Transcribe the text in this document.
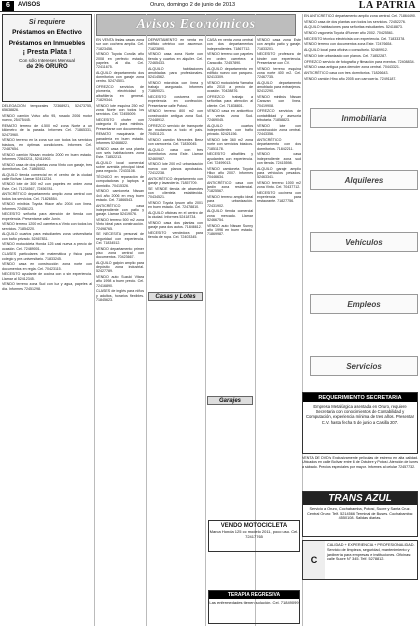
6	AVISOS	Oruro, domingo 2 de junio de 2013	LA PATRIA
Si requiere
Préstamos en Efectivo
Préstamos en Inmuebles
¡ Presta Plata !
Con sólo Intereses Mensual
de 2% ORURO
Avisos Económicos

DELEGACIÓN temporales 72368921, 52473755, 65638826.

VENDO camión Volvo año 95, rosado 2006 motor nuevo, 25475445.

REMATO terreno de 4.500 m2 zona Norte a un kilómetro de la parada. Informes Cel. 71865331, 52473960.

VENDO terreno en la zona sur con todos los servicios básicos, en óptimas condiciones. Informes Cel. 72487654.

VENDO camión Nissan modelo 2000 en buen estado. Informes 72843211, 52411902.

VENDO casa de dos plantas zona Vinto con garaje, tres dormitorios. Cel. 71865002.

ALQUILO tienda comercial en el centro de la ciudad calle Bolívar. Llamar 52411234.

VENDO lote de 300 m2 con papeles en orden zona Este. Cel. 71234567, 72456781.

ANTICRÉTICO departamento amplio zona central con todos los servicios. Cel. 71826554.

VENDO minibús Toyota Hiace año 2004 con línea. Informes 72456123.

NECESITO señorita para atención de tienda con experiencia. Presentarse calle Junín.

VENDO terreno 1200 m2 carretera a Vinto con todos los servicios. 71854220.

ALQUILO cuartos para estudiantes zona universitaria con baño privado. 52467831.

VENDO motocicleta Honda 125 casi nueva a precio de ocasión. Cel. 72489001.

CLASES particulares de matemática y física para colegio y pre-universitario. 71833245.

VENDO casa en construcción zona norte con documentos en regla. Cel. 70423115.

NECESITO ayudante de cocina con o sin experiencia. Llamar al 52412345.

VENDO terreno zona Sud con luz y agua, papeles al día. Informes 72451298.

EN VENTA lindas casas zona sur con cochera amplia. Cel. 71823456.

VENDO Toyota Corolla año 2008 en perfecto estado, papeles al día. Cel. 72411675.

ALQUILO departamento dos dormitorios con garaje zona centro. 52474501.

OFREZCO servicios de plomería, electricidad y albañilería en general. 71829344.

VENDO lote esquina 250 m2 zona Norte con todos los servicios. Cel. 72455009.

NECESITO chofer con categoría B para minibús. Presentarse con documentos.

REMATO maquinaria de panadería en buen estado. Informes 52468822.

VENDO casa de una planta con seis habitaciones zona Este. 71852213.

ALQUILO local comercial sobre avenida principal ideal para negocio. 72433108.

TÉCNICO en reparación de computadoras y laptops a domicilio. 70415326.

VENDO camioneta Nissan 4x4 año 2006 en muy buen estado. Cel. 71866543.

ANTICRÉTICO casa independiente con patio y garaje. Llamar 52419076.

VENDO terreno 500 m2 zona Vinto ideal para construcción. 72498765.

SE NECESITA personal de seguridad con experiencia. Cel. 71834512.

VENDO departamento primer piso zona central con documentos. 70423667.

ALQUILO galpón amplio para depósito zona industrial. 52427789.

VENDO auto Suzuki Vitara año 1998 a buen precio. Cel. 72416890.

CLASES de inglés para niños y adultos, horarios flexibles. 71845623.

DEPARTAMENTO en venta en edificio céntrico con ascensor. 71823890.

VENDO casa zona Norte con tienda y cuartos en alquiler. Cel. 72465433.

ALQUILO habitaciones amobladas para profesionales. 52414562.

VENDO microbús con línea y trabajo asegurado. Informes 71869021.

NECESITO costurera con experiencia en confección. Presentarse calle Potosí.

VENDO terreno 800 m2 con construcción antigua zona Sud. 72448912.

OFREZCO servicio de transporte de mudanzas a todo el país. 70451123.

VENDO camión Mercedes Benz con carrocería. Cel. 71830045.

ALQUILO casa con tres dormitorios zona Este. Llamar 52460987.

VENDO lote 200 m2 urbanización nueva con planos aprobados. 72412238.

ANTICRÉTICO departamento con garaje y lavandería. 71857709.

SE VENDE tienda de abarrotes con clientela establecida. 70434521.

VENDO Toyota Ipsum año 2001 en buen estado. Cel. 72478810.

ALQUILO oficinas en el centro de la ciudad. Informes 52418734.

VENDO casa dos plantas con garaje para dos autos. 71846612.

NECESITO vendedora para tienda de ropa. Cel. 72403345.

CASA en venta zona central con dos departamentos independientes. 71867712.

VENDO terreno con papeles en orden carretera a Caracollo. 72457890.

ALQUILO departamento en edificio nuevo con parqueo. 52413309.

VENDO motocicleta Yamaha año 2010 a precio de ocasión. 70428876.

OFREZCO trabajo a señoritas para atención al cliente. Cel. 71838801.

VENDO casa en anticrético o venta zona Sud. 72469045.

ALQUILO cuartos independientes con baño privado. 52421156.

VENDO lote 360 m2 zona norte con servicios básicos. 71851178.

NECESITO albañiles y ayudantes con experiencia. Cel. 72499013.

VENDO camioneta Toyota Hilux año 2007. Informes 70446634.

ANTICRÉTICO casa con jardín zona residencial. 71825567.

VENDO terreno amplio ideal para urbanización. 72431902.

ALQUILO tienda comercial zona mercado. Llamar 52466754.

VENDO auto Nissan Sunny año 1996 en buen estado. 71869987.

VENDO casa zona Este con amplio patio y garaje. 71833201.

NECESITO profesora de kinder con experiencia. Presentarse con CV.

VENDO terreno esquina zona norte 400 m2. Cel. 72467735.

ALQUILO departamento amoblado para extranjeros. 52412290.

VENDO minibús Nissan Caravan con línea. 70419908.

OFREZCO servicios de contabilidad y asesoría tributaria. 71858823.

VENDO lote con construcción zona central. 72443356.

ANTICRÉTICO departamento con dos dormitorios. 71842211.

VENDO casa independiente zona sud con tienda. 72415598.

ALQUILO garaje amplio para vehículos pesados. 52463341.

VENDO terreno 1000 m2 zona Vinto. Cel. 70437712.

NECESITO cocinera con experiencia para restaurante. 71827756.

EN ANTICRÉTICO departamento amplio zona central. Cel. 71864490.

VENDO casa de dos plantas con todos los servicios. 72452276.

ALQUILO habitaciones para señoritas estudiantes. 52418873.

VENDO vagoneta Toyota 4Runner año 2002. 70425561.

NECESITO técnico electricista con experiencia. Cel. 71833378.

VENDO terreno con documentos zona Este. 72476654.

ALQUILO local para oficina o consultorio. 52469912.

VENDO lote urbanizado con planos. Cel. 71852287.

OFREZCO servicio de fotografía y filmación para eventos. 72408834.

VENDO casa antigua para demoler zona central. 70443321.

ANTICRÉTICO casa con tres dormitorios. 71826643.

VENDO camión Hino año 2005 con carrocería. 72491187.

Casas y Lotes
Garajes
Inmobiliaria
Alquileres
Vehículos
Empleos
Servicios
REQUERIMIENTO SECRETARIA
Empresa Metalúrgica asentada en Oruro, requiere Secretaria con conocimientos de Contabilidad y Computación, experiencia mínima de tres años. Presentar C.V. hasta fecha 5 de junio a Casilla 207.
VENTA DE DVD's Exclusivamente películas de estreno en alta calidad. Ubicados en calle Bolívar entre 6 de Octubre y Potosí. Atención de lunes a sábado. Precios especiales por mayor. Informes al celular 72457732.
TRANS AZUL
Servicio a Oruro, Cochabamba, Potosí, Sucre y Santa Cruz. Central Oruro: Telf. 5214566 Terminal de Buses. Cochabamba: 4550108. Salidas diarias.
C
CALIDAD + EXPERIENCIA + PROFESIONALIDAD. Servicio de limpieza, seguridad, mantenimiento y jardinería para empresas e instituciones. Oficinas: calle Sucre N° 345. Telf. 5278812.
VENDO MOTOCICLETA
Marca Honda 125 cc modelo 2011, poco uso. Cel. 72417765
TERAPIA REGRESIVA
Las enfermedades tienen solución. Cel. 71849099
